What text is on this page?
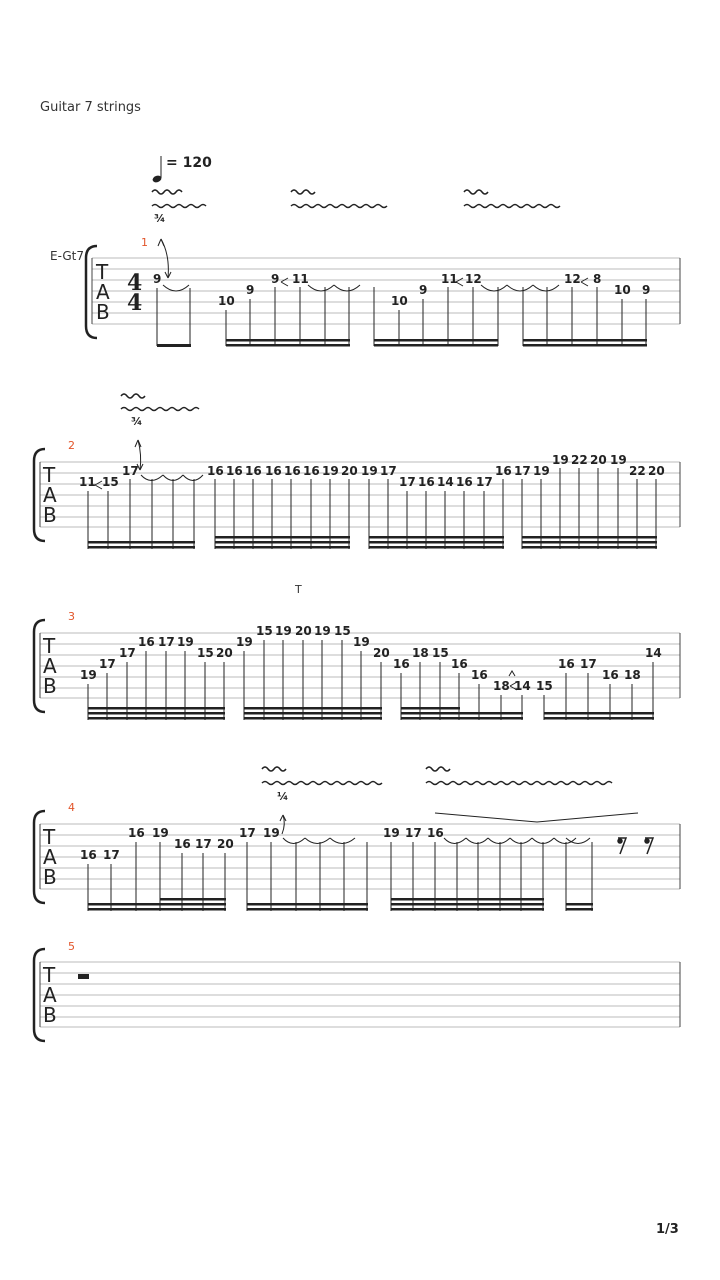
Guitar 7 strings
E-Gt7
= 120
¾
¾
¼
T
1/3
1
2
3
4
5
T
A
B
4
4
9
10
9
9 11
10
9
11 12	12 8
10 9
T
A
B
11 15
17	16 16 16 16 16 16 19 20 19 17
17 16 14 16 17
16 17 19
19 22 20 19
22 20
T
A
B 19
17
17
16 17 19
15 20
19
15 19 20 19 15
19
20
16
18 15
16
16
18 14 15
16 17
16 18
14
T
A
B
16 17
16 19
16 17 20
17 19	19 17 16
T
A
B
